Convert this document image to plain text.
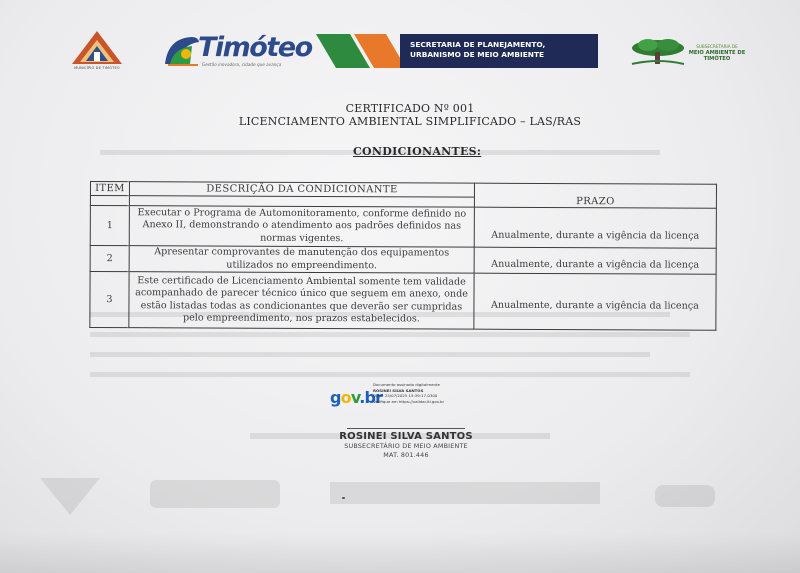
MUNICÍPIO DE TIMÓTEO
Timóteo
Gestão inovadora, cidade que avança
SECRETARIA DE PLANEJAMENTO, URBANISMO DE MEIO AMBIENTE
SUBSECRETARIA DE
MEIO AMBIENTE DE TIMÓTEO
CERTIFICADO Nº 001
LICENCIAMENTO AMBIENTAL SIMPLIFICADO – LAS/RAS
CONDICIONANTES:
ITEM	DESCRIÇÃO DA CONDICIONANTE	PRAZO

1	Executar o Programa de Automonitoramento, conforme definido no Anexo II, demonstrando o atendimento aos padrões definidos nas normas vigentes.	Anualmente, durante a vigência da licença
2	Apresentar comprovantes de manutenção dos equipamentos utilizados no empreendimento.	Anualmente, durante a vigência da licença
3	Este certificado de Licenciamento Ambiental somente tem validade acompanhado de parecer técnico único que seguem em anexo, onde estão listadas todas as condicionantes que deverão ser cumpridas pelo empreendimento, nos prazos estabelecidos.	Anualmente, durante a vigência da licença
gov.br
Documento assinado digitalmente
ROSINEI SILVA SANTOS
Data: 25/07/2025 15:39:17-0300
Verifique em https://validar.iti.gov.br
ROSINEI SILVA SANTOS
SUBSECRETÁRIO DE MEIO AMBIENTE
MAT. 801.446
